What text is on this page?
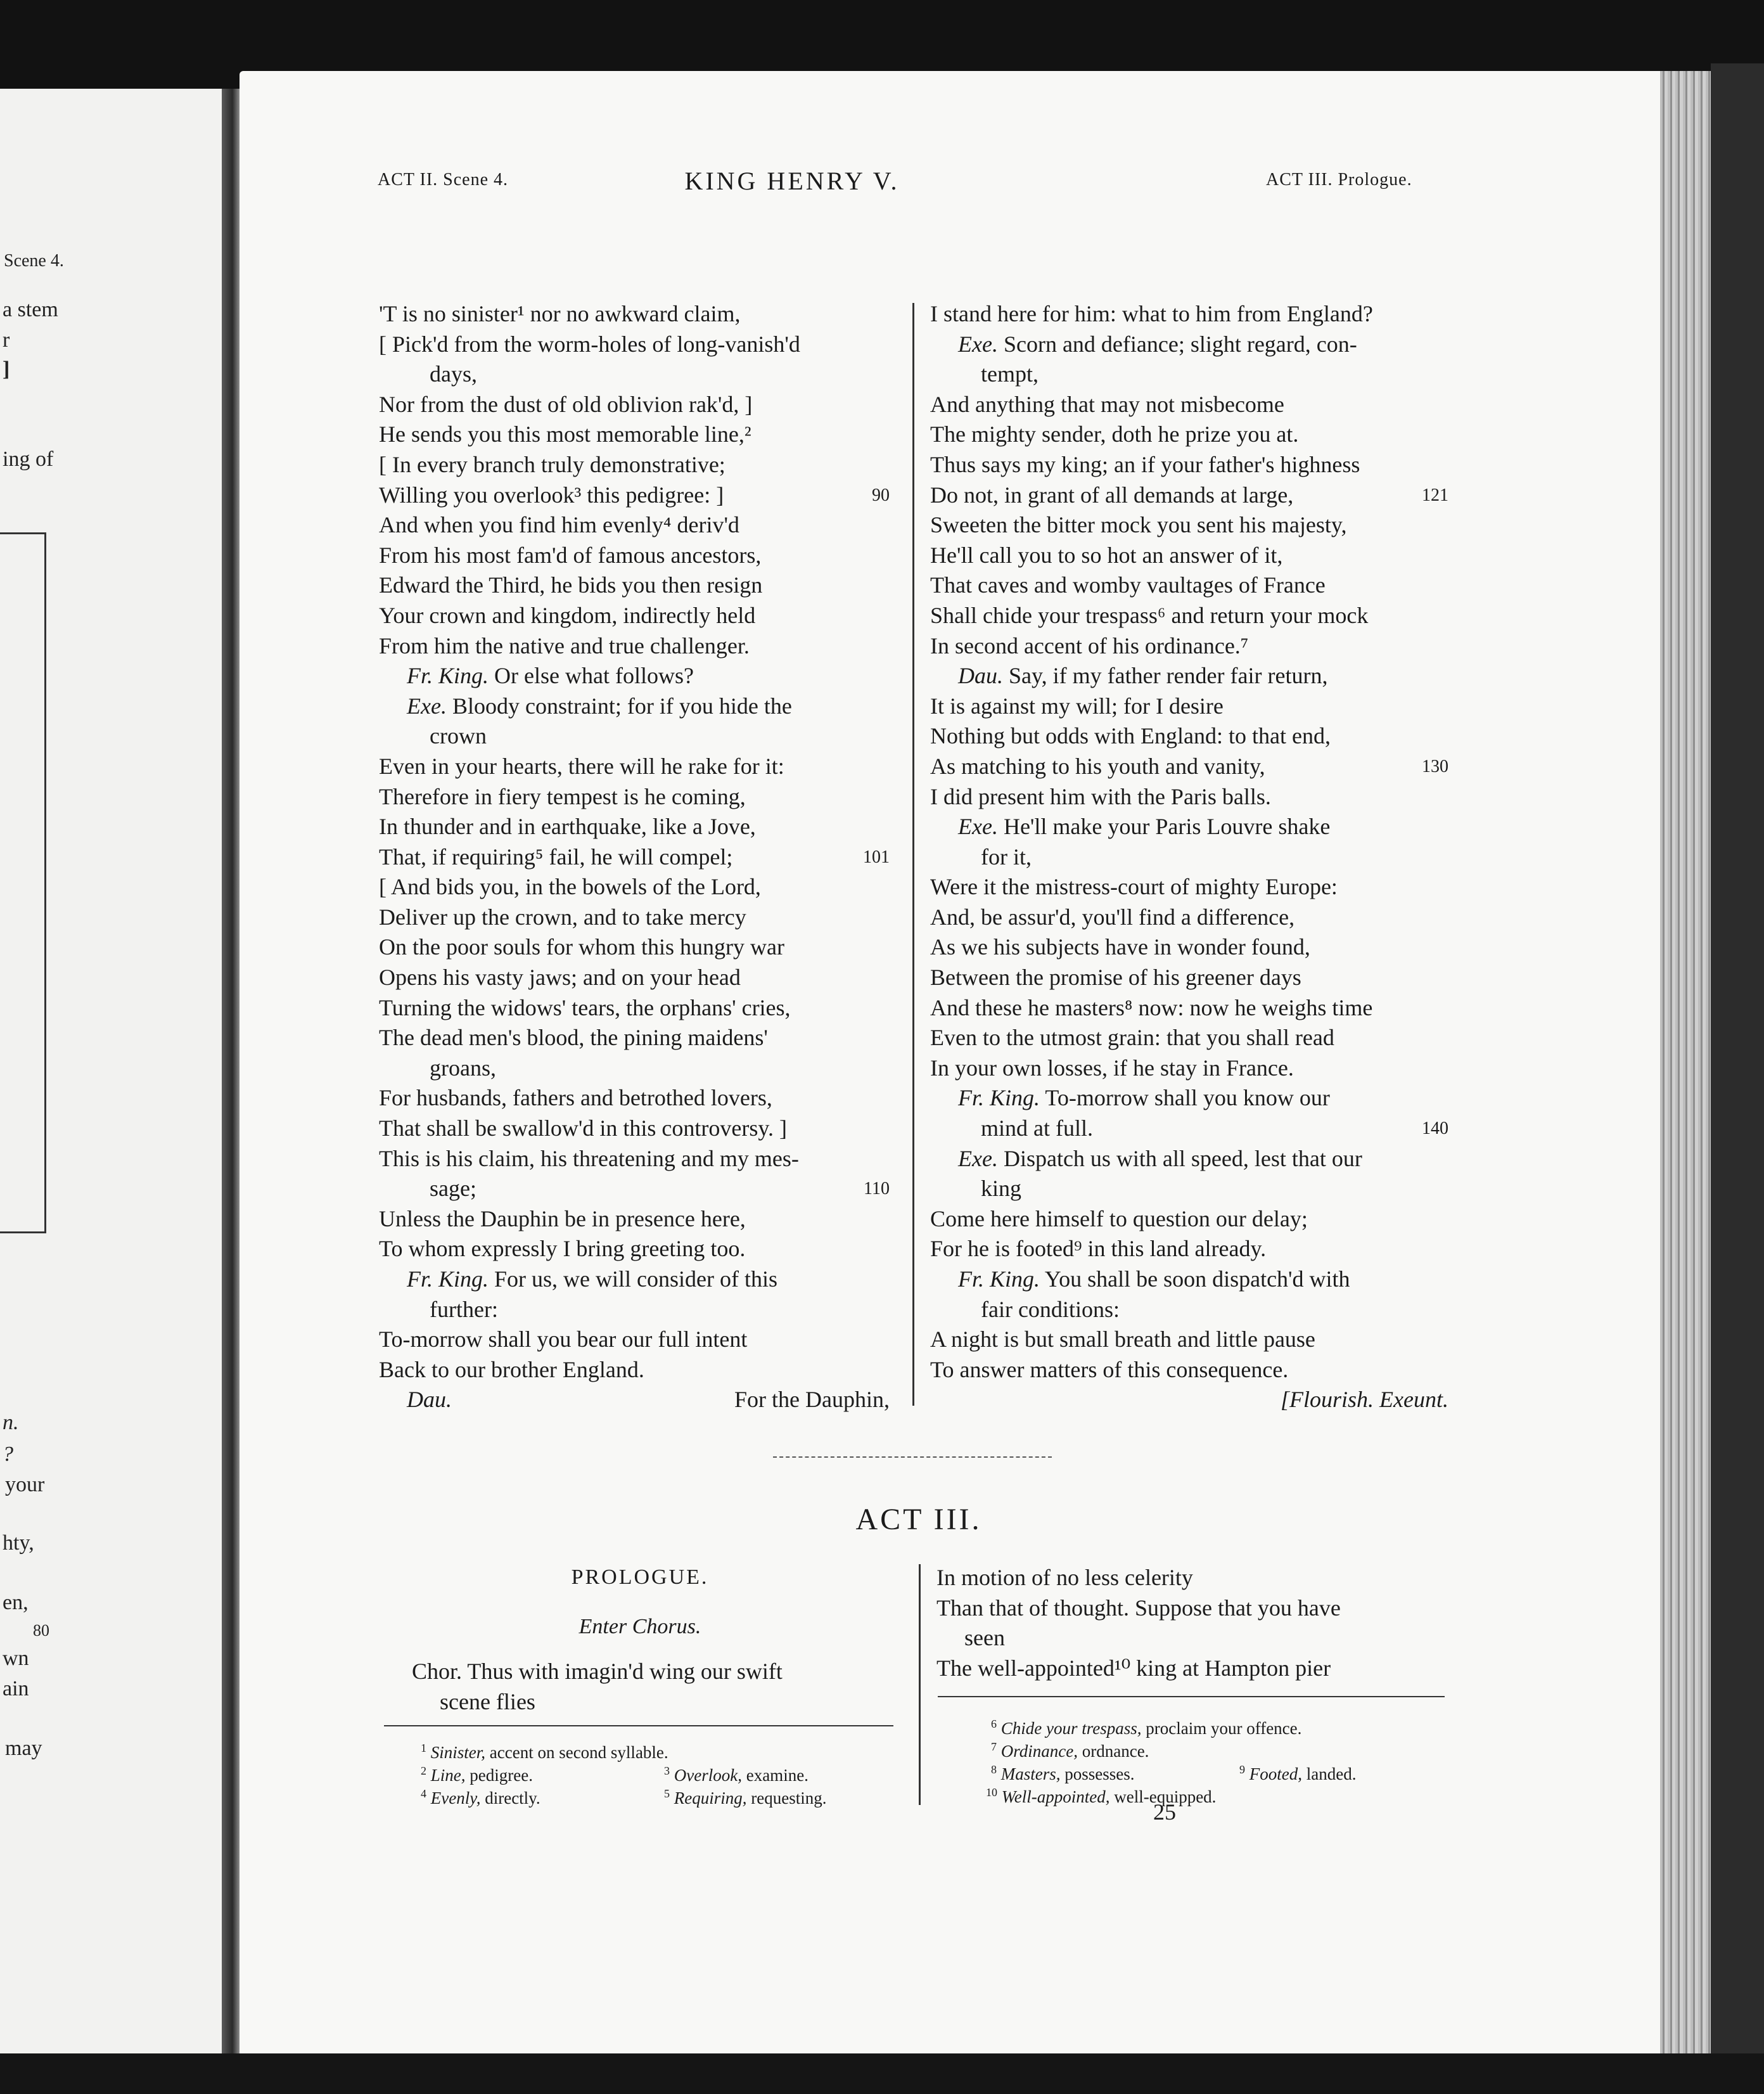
Scene 4.
a stem
r
]
ing of
n.
?
your
hty,
en,
80
wn
ain
may
ACT II. Scene 4.	KING HENRY V.	ACT III. Prologue.
'T is no sinister¹ nor no awkward claim,
[ Pick'd from the worm-holes of long-vanish'd
days,
Nor from the dust of old oblivion rak'd, ]
He sends you this most memorable line,²
[ In every branch truly demonstrative;
Willing you overlook³ this pedigree: ]	90
And when you find him evenly⁴ deriv'd
From his most fam'd of famous ancestors,
Edward the Third, he bids you then resign
Your crown and kingdom, indirectly held
From him the native and true challenger.
Fr. King. Or else what follows?
Exe. Bloody constraint; for if you hide the
crown
Even in your hearts, there will he rake for it:
Therefore in fiery tempest is he coming,
In thunder and in earthquake, like a Jove,
That, if requiring⁵ fail, he will compel;	101
[ And bids you, in the bowels of the Lord,
Deliver up the crown, and to take mercy
On the poor souls for whom this hungry war
Opens his vasty jaws; and on your head
Turning the widows' tears, the orphans' cries,
The dead men's blood, the pining maidens'
groans,
For husbands, fathers and betrothed lovers,
That shall be swallow'd in this controversy. ]
This is his claim, his threatening and my mes-
sage;	110
Unless the Dauphin be in presence here,
To whom expressly I bring greeting too.
Fr. King. For us, we will consider of this
further:
To-morrow shall you bear our full intent
Back to our brother England.
Dau.	For the Dauphin,
I stand here for him: what to him from England?
Exe. Scorn and defiance; slight regard, con-
tempt,
And anything that may not misbecome
The mighty sender, doth he prize you at.
Thus says my king; an if your father's highness
Do not, in grant of all demands at large,	121
Sweeten the bitter mock you sent his majesty,
He'll call you to so hot an answer of it,
That caves and womby vaultages of France
Shall chide your trespass⁶ and return your mock
In second accent of his ordinance.⁷
Dau. Say, if my father render fair return,
It is against my will; for I desire
Nothing but odds with England: to that end,
As matching to his youth and vanity,	130
I did present him with the Paris balls.
Exe. He'll make your Paris Louvre shake
for it,
Were it the mistress-court of mighty Europe:
And, be assur'd, you'll find a difference,
As we his subjects have in wonder found,
Between the promise of his greener days
And these he masters⁸ now: now he weighs time
Even to the utmost grain: that you shall read
In your own losses, if he stay in France.
Fr. King. To-morrow shall you know our
mind at full.	140
Exe. Dispatch us with all speed, lest that our
king
Come here himself to question our delay;
For he is footed⁹ in this land already.
Fr. King. You shall be soon dispatch'd with
fair conditions:
A night is but small breath and little pause
To answer matters of this consequence.
[Flourish. Exeunt.
ACT III.
PROLOGUE.
Enter Chorus.
Chor. Thus with imagin'd wing our swift
scene flies
In motion of no less celerity
Than that of thought. Suppose that you have
seen
The well-appointed¹⁰ king at Hampton pier
$^1$ Sinister, accent on second syllable.
$^2$ Line, pedigree.	$^3$ Overlook, examine.
$^4$ Evenly, directly.	$^5$ Requiring, requesting.
$^6$ Chide your trespass, proclaim your offence.
$^7$ Ordinance, ordnance.
$^8$ Masters, possesses.	$^9$ Footed, landed.
$^{10}$ Well-appointed, well-equipped.
25
